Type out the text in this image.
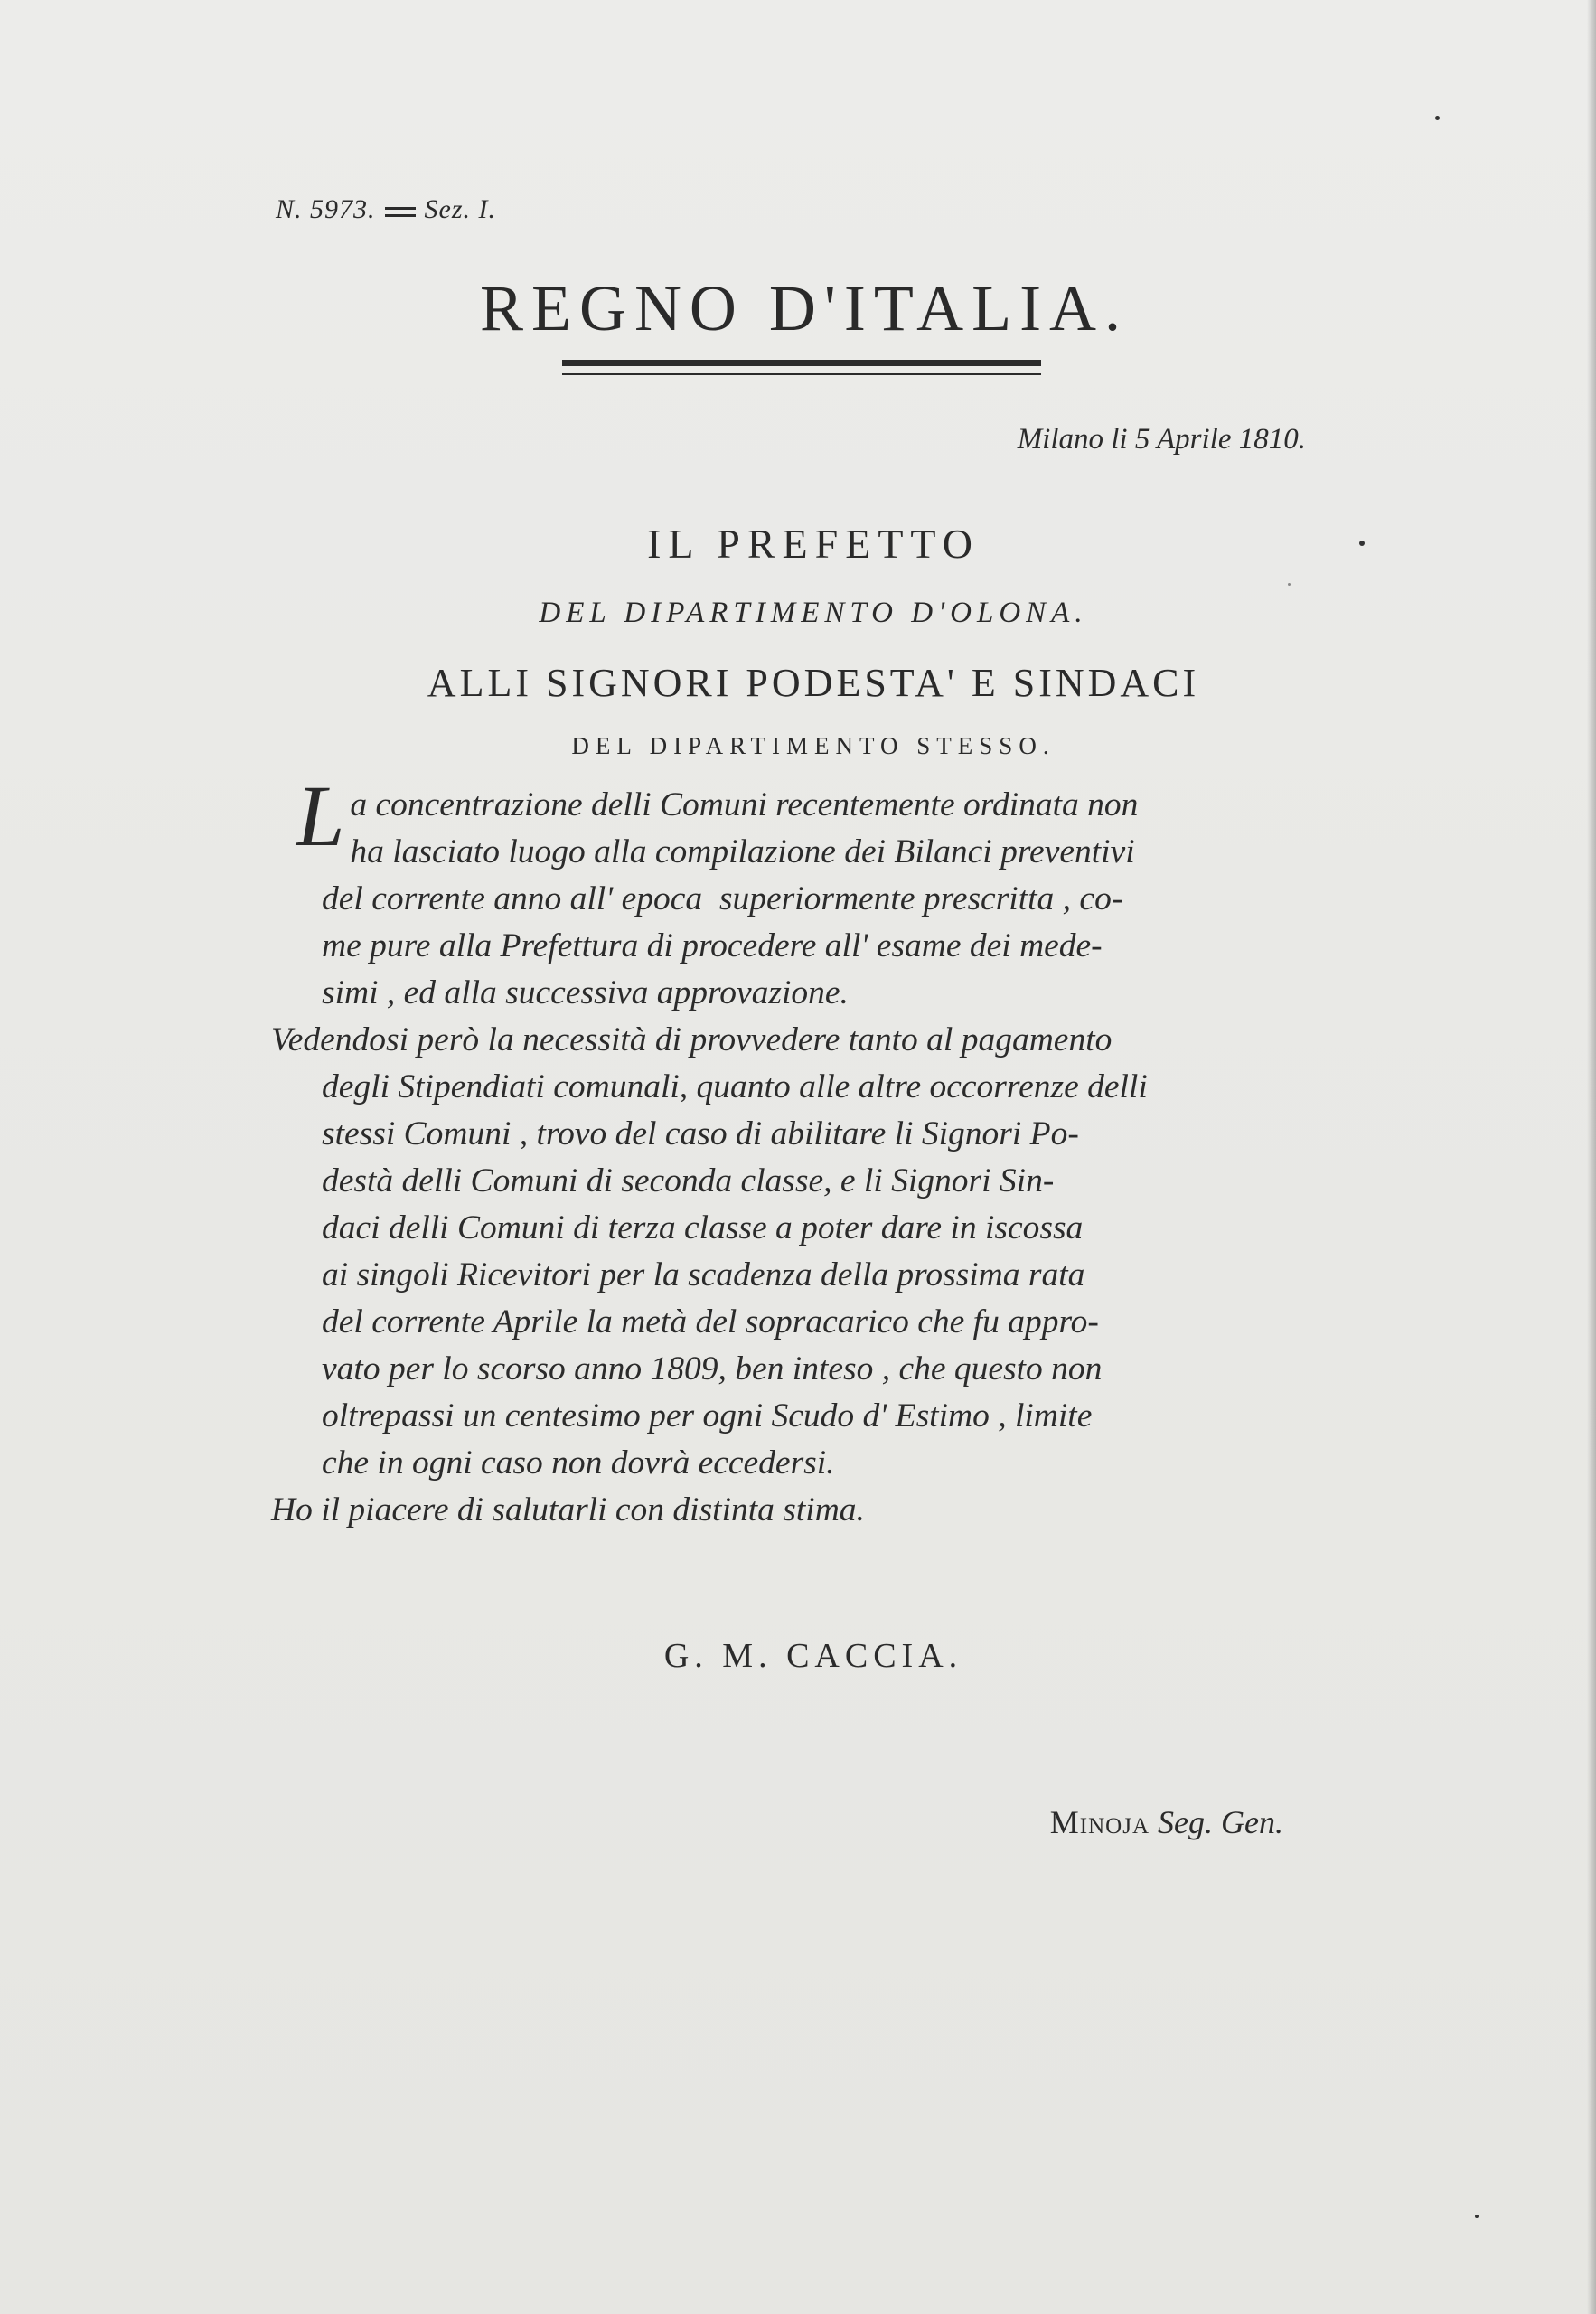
N. 5973. Sez. I.
REGNO D'ITALIA.
Milano li 5 Aprile 1810.
IL PREFETTO
DEL DIPARTIMENTO D'OLONA.
ALLI SIGNORI PODESTA' E SINDACI
DEL DIPARTIMENTO STESSO.
L a concentrazione delli Comuni recentemente ordinata non
ha lasciato luogo alla compilazione dei Bilanci preventivi
del corrente anno all' epoca  superiormente prescritta , co-
me pure alla Prefettura di procedere all' esame dei mede-
simi , ed alla successiva approvazione.
Vedendosi però la necessità di provvedere tanto al pagamento
degli Stipendiati comunali, quanto alle altre occorrenze delli
stessi Comuni , trovo del caso di abilitare li Signori Po-
destà delli Comuni di seconda classe, e li Signori Sin-
daci delli Comuni di terza classe a poter dare in iscossa
ai singoli Ricevitori per la scadenza della prossima rata
del corrente Aprile la metà del sopracarico che fu appro-
vato per lo scorso anno 1809, ben inteso , che questo non
oltrepassi un centesimo per ogni Scudo d' Estimo , limite
che in ogni caso non dovrà eccedersi.
Ho il piacere di salutarli con distinta stima.
G. M. CACCIA.
Minoja Seg. Gen.
